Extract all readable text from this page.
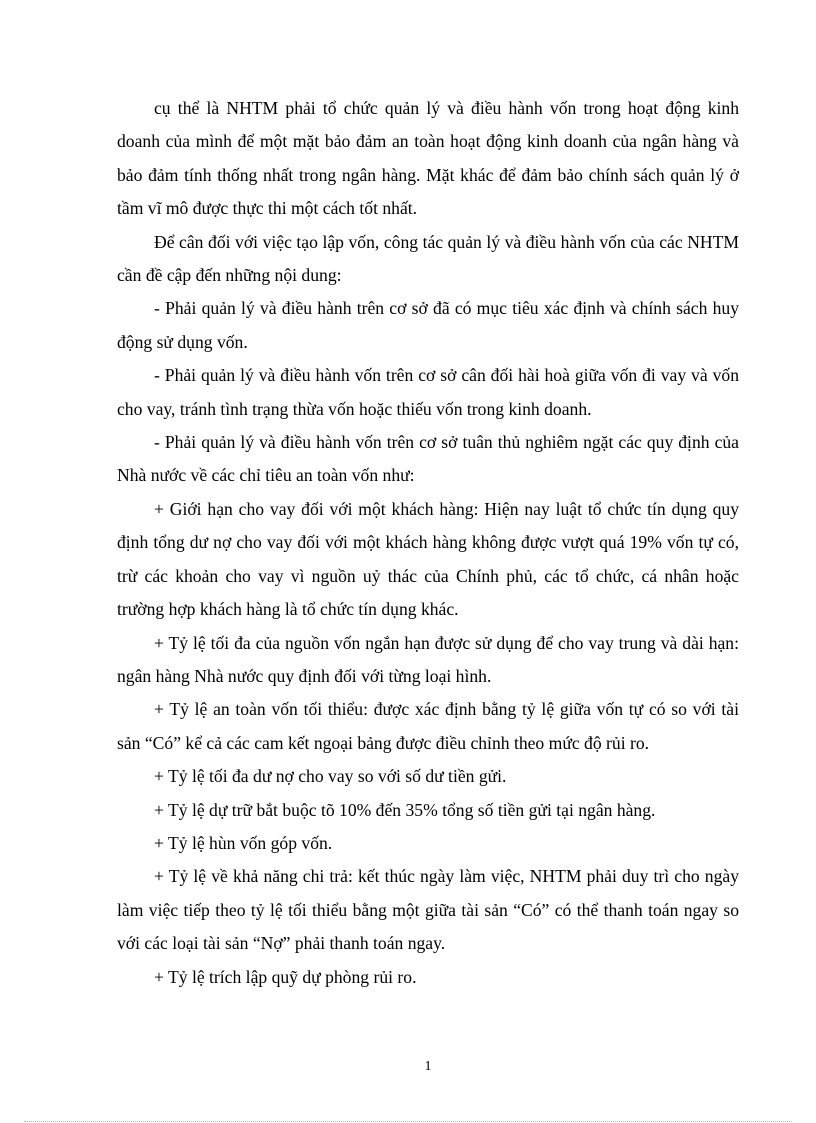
cụ thể là NHTM phải tổ chức quản lý và điều hành vốn trong hoạt động kinh doanh của mình để một mặt bảo đảm an toàn hoạt động kinh doanh của ngân hàng và bảo đảm tính thống nhất trong ngân hàng. Mặt khác để đảm bảo chính sách quản lý ở tầm vĩ mô được thực thi một cách tốt nhất.

Để cân đối với việc tạo lập vốn, công tác quản lý và điều hành vốn của các NHTM cần đề cập đến những nội dung:

- Phải quản lý và điều hành trên cơ sở đã có mục tiêu xác định và chính sách huy động sử dụng vốn.

- Phải quản lý và điều hành vốn trên cơ sở cân đối hài hoà giữa vốn đi vay và vốn cho vay, tránh tình trạng thừa vốn hoặc thiếu vốn trong kinh doanh.

- Phải quản lý và điều hành vốn trên cơ sở tuân thủ nghiêm ngặt các quy định của Nhà nước về các chỉ tiêu an toàn vốn như:

+ Giới hạn cho vay đối với một khách hàng: Hiện nay luật tổ chức tín dụng quy định tổng dư nợ cho vay đối với một khách hàng không được vượt quá 19% vốn tự có, trừ các khoản cho vay vì nguồn uỷ thác của Chính phủ, các tổ chức, cá nhân hoặc trường hợp khách hàng là tổ chức tín dụng khác.

+ Tỷ lệ tối đa của nguồn vốn ngắn hạn được sử dụng để cho vay trung và dài hạn: ngân hàng Nhà nước quy định đối với từng loại hình.

+ Tỷ lệ an toàn vốn tối thiểu: được xác định bằng tỷ lệ giữa vốn tự có so với tài sản “Có” kể cả các cam kết ngoại bảng được điều chỉnh theo mức độ rủi ro.

+ Tỷ lệ tối đa dư nợ cho vay so với số dư tiền gửi.

+ Tỷ lệ dự trữ bắt buộc tõ 10% đến 35% tổng số tiền gửi tại ngân hàng.

+ Tỷ lệ hùn vốn góp vốn.

+ Tỷ lệ về khả năng chi trả: kết thúc ngày làm việc, NHTM phải duy trì cho ngày làm việc tiếp theo tỷ lệ tối thiểu bằng một giữa tài sản “Có” có thể thanh toán ngay so với các loại tài sản “Nợ” phải thanh toán ngay.

+ Tỷ lệ trích lập quỹ dự phòng rủi ro.

1
